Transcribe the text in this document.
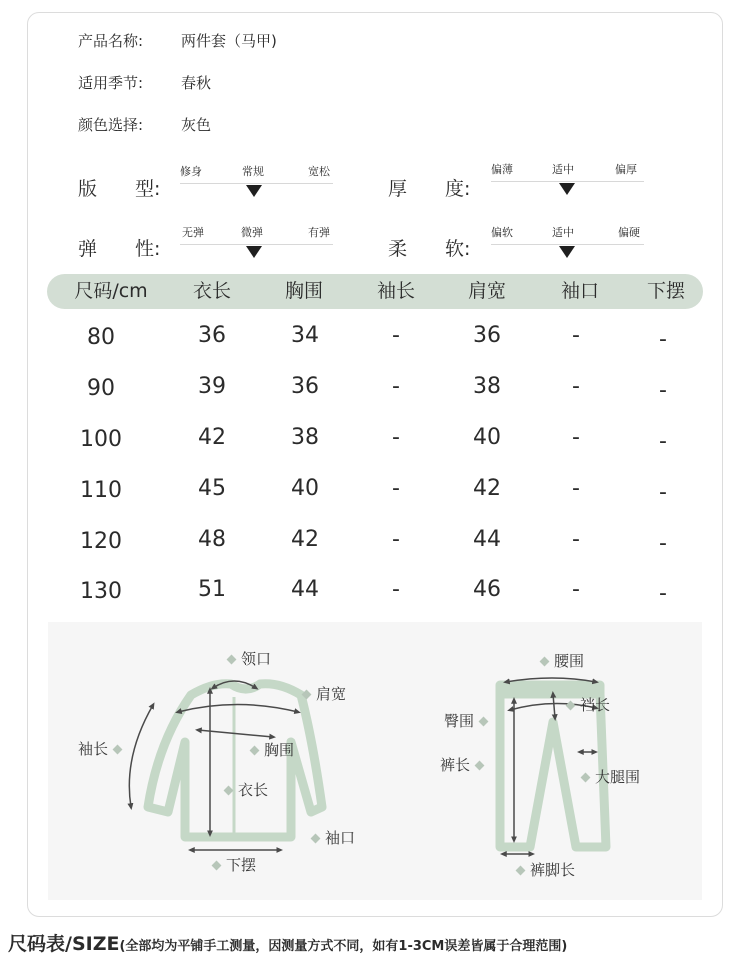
产品名称:	两件套（马甲)
适用季节:	春秋
颜色选择:	灰色
版　　型:
修身	常规	宽松
厚　　度:
偏薄	适中	偏厚
弹　　性:
无弹	微弹	有弹
柔　　软:
偏软	适中	偏硬
尺码/cm	衣长	胸围	袖长	肩宽	袖口	下摆
80	36	34	-	36	-	-
90	39	36	-	38	-	-
100	42	38	-	40	-	-
110	45	40	-	42	-	-
120	48	42	-	44	-	-
130	51	44	-	46	-	-
领口
肩宽
袖长	胸围
衣长
袖口
下摆
腰围
裆长
臀围
裤长
大腿围
裤脚长
尺码表/SIZE(全部均为平铺手工测量，因测量方式不同，如有1-3CM误差皆属于合理范围)
